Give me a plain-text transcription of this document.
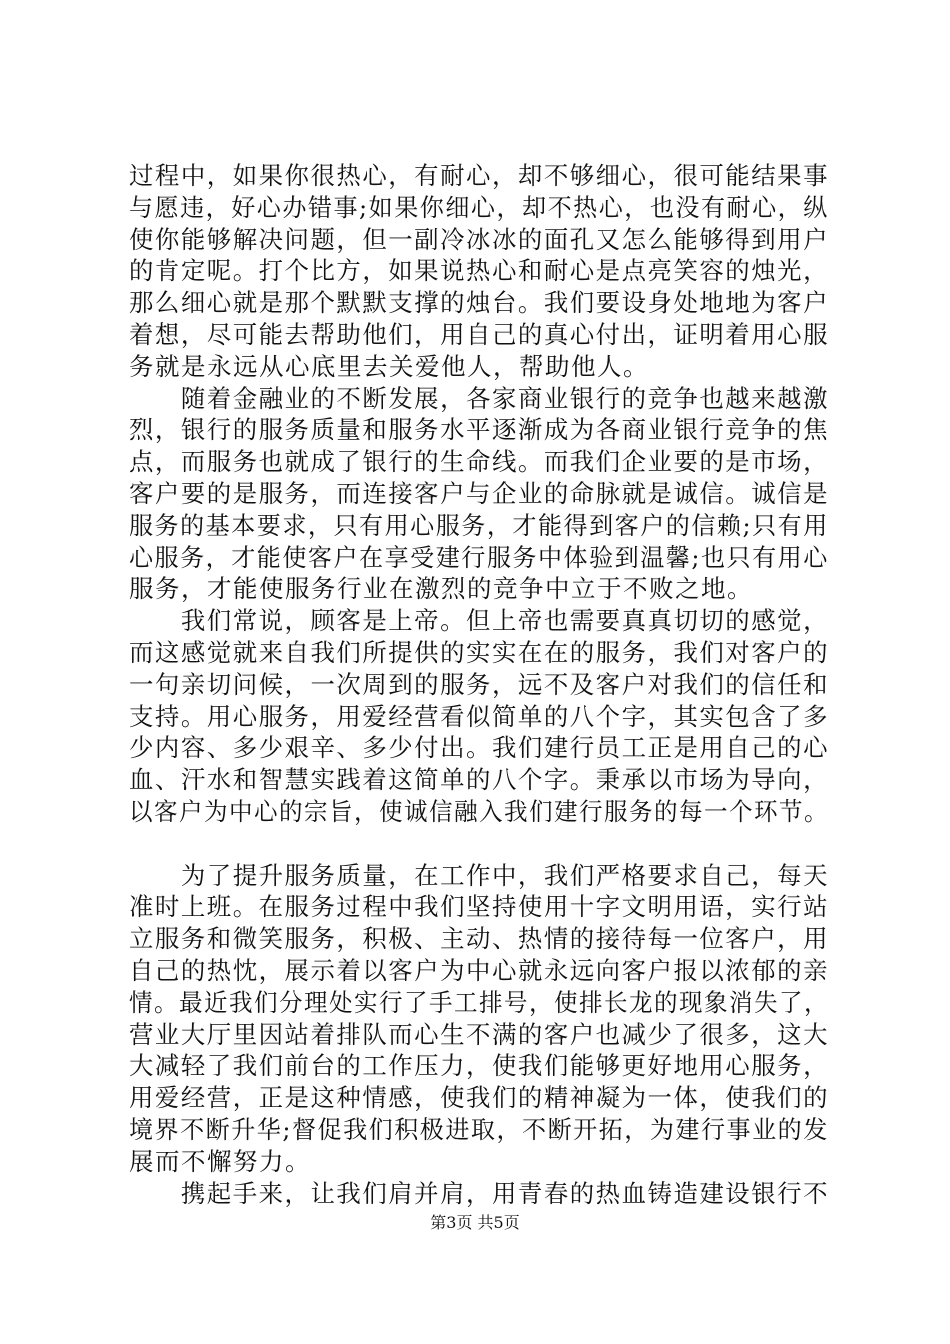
过程中，如果你很热心，有耐心，却不够细心，很可能结果事
与愿违，好心办错事;如果你细心，却不热心，也没有耐心，纵
使你能够解决问题，但一副冷冰冰的面孔又怎么能够得到用户
的肯定呢。打个比方，如果说热心和耐心是点亮笑容的烛光，
那么细心就是那个默默支撑的烛台。我们要设身处地地为客户
着想，尽可能去帮助他们，用自己的真心付出，证明着用心服
务就是永远从心底里去关爱他人，帮助他人。
　　随着金融业的不断发展，各家商业银行的竞争也越来越激
烈，银行的服务质量和服务水平逐渐成为各商业银行竞争的焦
点，而服务也就成了银行的生命线。而我们企业要的是市场，
客户要的是服务，而连接客户与企业的命脉就是诚信。诚信是
服务的基本要求，只有用心服务，才能得到客户的信赖;只有用
心服务，才能使客户在享受建行服务中体验到温馨;也只有用心
服务，才能使服务行业在激烈的竞争中立于不败之地。
　　我们常说，顾客是上帝。但上帝也需要真真切切的感觉，
而这感觉就来自我们所提供的实实在在的服务，我们对客户的
一句亲切问候，一次周到的服务，远不及客户对我们的信任和
支持。用心服务，用爱经营看似简单的八个字，其实包含了多
少内容、多少艰辛、多少付出。我们建行员工正是用自己的心
血、汗水和智慧实践着这简单的八个字。秉承以市场为导向，
以客户为中心的宗旨，使诚信融入我们建行服务的每一个环节。
　　为了提升服务质量，在工作中，我们严格要求自己，每天
准时上班。在服务过程中我们坚持使用十字文明用语，实行站
立服务和微笑服务，积极、主动、热情的接待每一位客户，用
自己的热忱，展示着以客户为中心就永远向客户报以浓郁的亲
情。最近我们分理处实行了手工排号，使排长龙的现象消失了，
营业大厅里因站着排队而心生不满的客户也减少了很多，这大
大减轻了我们前台的工作压力，使我们能够更好地用心服务，
用爱经营，正是这种情感，使我们的精神凝为一体，使我们的
境界不断升华;督促我们积极进取，不断开拓，为建行事业的发
展而不懈努力。
　　携起手来，让我们肩并肩，用青春的热血铸造建设银行不
第3页 共5页
